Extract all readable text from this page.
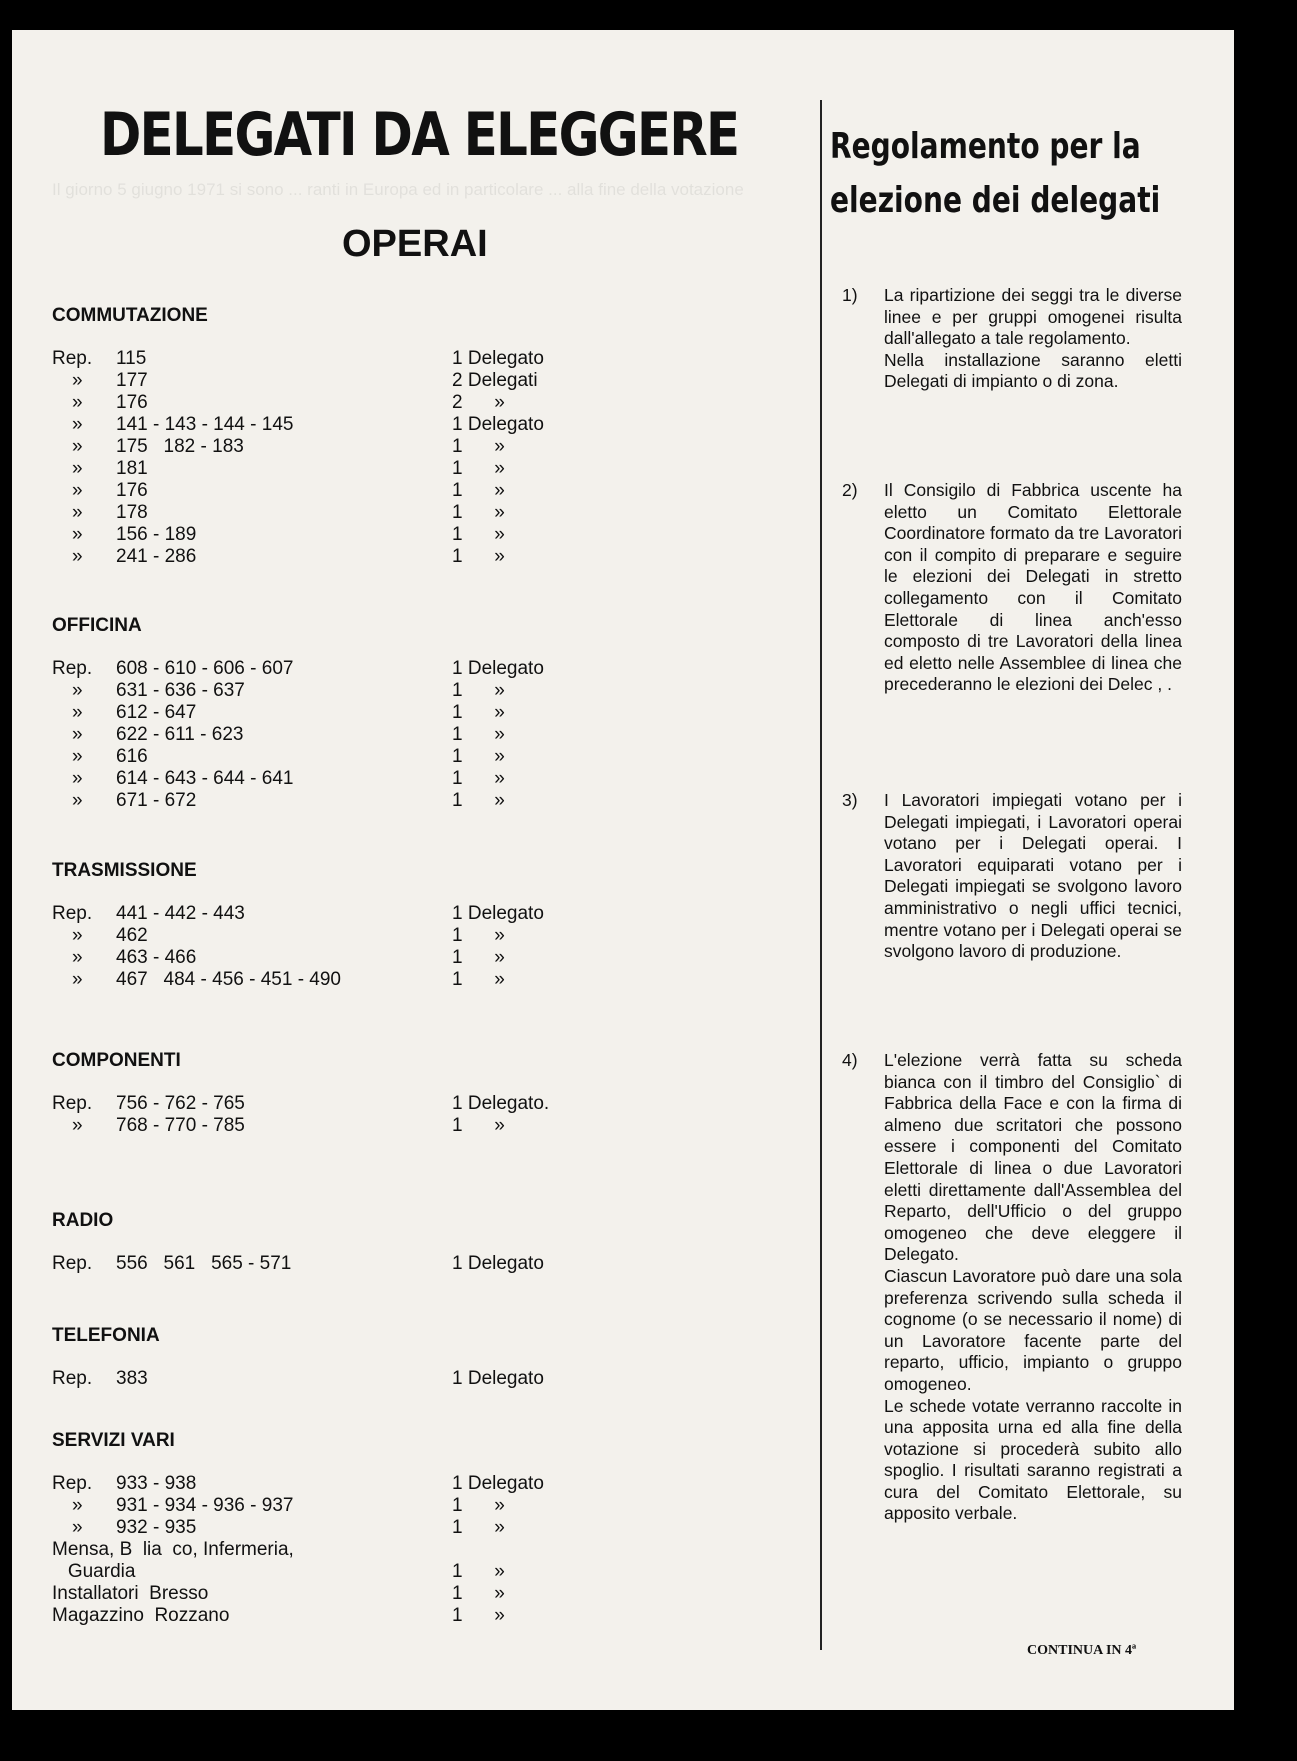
Il giorno 5 giugno 1971 si sono ... ranti in Europa ed in particolare ... alla fine della votazione
DELEGATI DA ELEGGERE
OPERAI
COMMUTAZIONE
Rep.	115	1 Delegato
»	177	2 Delegati
»	176	2      »
»	141 - 143 - 144 - 145	1 Delegato
»	175   182 - 183	1      »
»	181	1      »
»	176	1      »
»	178	1      »
»	156 - 189	1      »
»	241 - 286	1      »
OFFICINA
Rep.	608 - 610 - 606 - 607	1 Delegato
»	631 - 636 - 637	1      »
»	612 - 647	1      »
»	622 - 611 - 623	1      »
»	616	1      »
»	614 - 643 - 644 - 641	1      »
»	671 - 672	1      »
TRASMISSIONE
Rep.	441 - 442 - 443	1 Delegato
»	462	1      »
»	463 - 466	1      »
»	467   484 - 456 - 451 - 490	1      »
COMPONENTI
Rep.	756 - 762 - 765	1 Delegato.
»	768 - 770 - 785	1      »
RADIO
Rep.	556   561   565 - 571	1 Delegato
TELEFONIA
Rep.	383	1 Delegato
SERVIZI VARI
Rep.	933 - 938	1 Delegato
»	931 - 934 - 936 - 937	1      »
»	932 - 935	1      »
Mensa, B  lia  co, Infermeria,
Guardia	1      »
Installatori  Bresso	1      »
Magazzino  Rozzano	1      »
Regolamento per la
elezione dei delegati
1) La ripartizione dei seggi tra le diverse linee e per gruppi omogenei risulta dall'allegato a tale regolamento.
Nella installazione saranno eletti Delegati di impianto o di zona.
2) Il Consigilo di Fabbrica uscente ha eletto un Comitato Elettorale Coordinatore formato da tre Lavoratori con il compito di preparare e seguire le elezioni dei Delegati in stretto collegamento con il Comitato Elettorale di linea anch'esso composto di tre Lavoratori della linea ed eletto nelle Assemblee di linea che precederanno le elezioni dei Delec , .
3) I Lavoratori impiegati votano per i Delegati impiegati, i Lavoratori operai votano per i Delegati operai. I Lavoratori equiparati votano per i Delegati impiegati se svolgono lavoro amministrativo o negli uffici tecnici, mentre votano per i Delegati operai se svolgono lavoro di produzione.
4) L'elezione verrà fatta su scheda bianca con il timbro del Consiglio` di Fabbrica della Face e con la firma di almeno due scritatori che possono essere i componenti del Comitato Elettorale di linea o due Lavoratori eletti direttamente dall'Assemblea del Reparto, dell'Ufficio o del gruppo omogeneo che deve eleggere il Delegato.
Ciascun Lavoratore può dare una sola preferenza scrivendo sulla scheda il cognome (o se necessario il nome) di un Lavoratore facente parte del reparto, ufficio, impianto o gruppo omogeneo.
Le schede votate verranno raccolte in una apposita urna ed alla fine della votazione si procederà subito allo spoglio. I risultati saranno registrati a cura del Comitato Elettorale, su apposito verbale.
CONTINUA IN 4ª
